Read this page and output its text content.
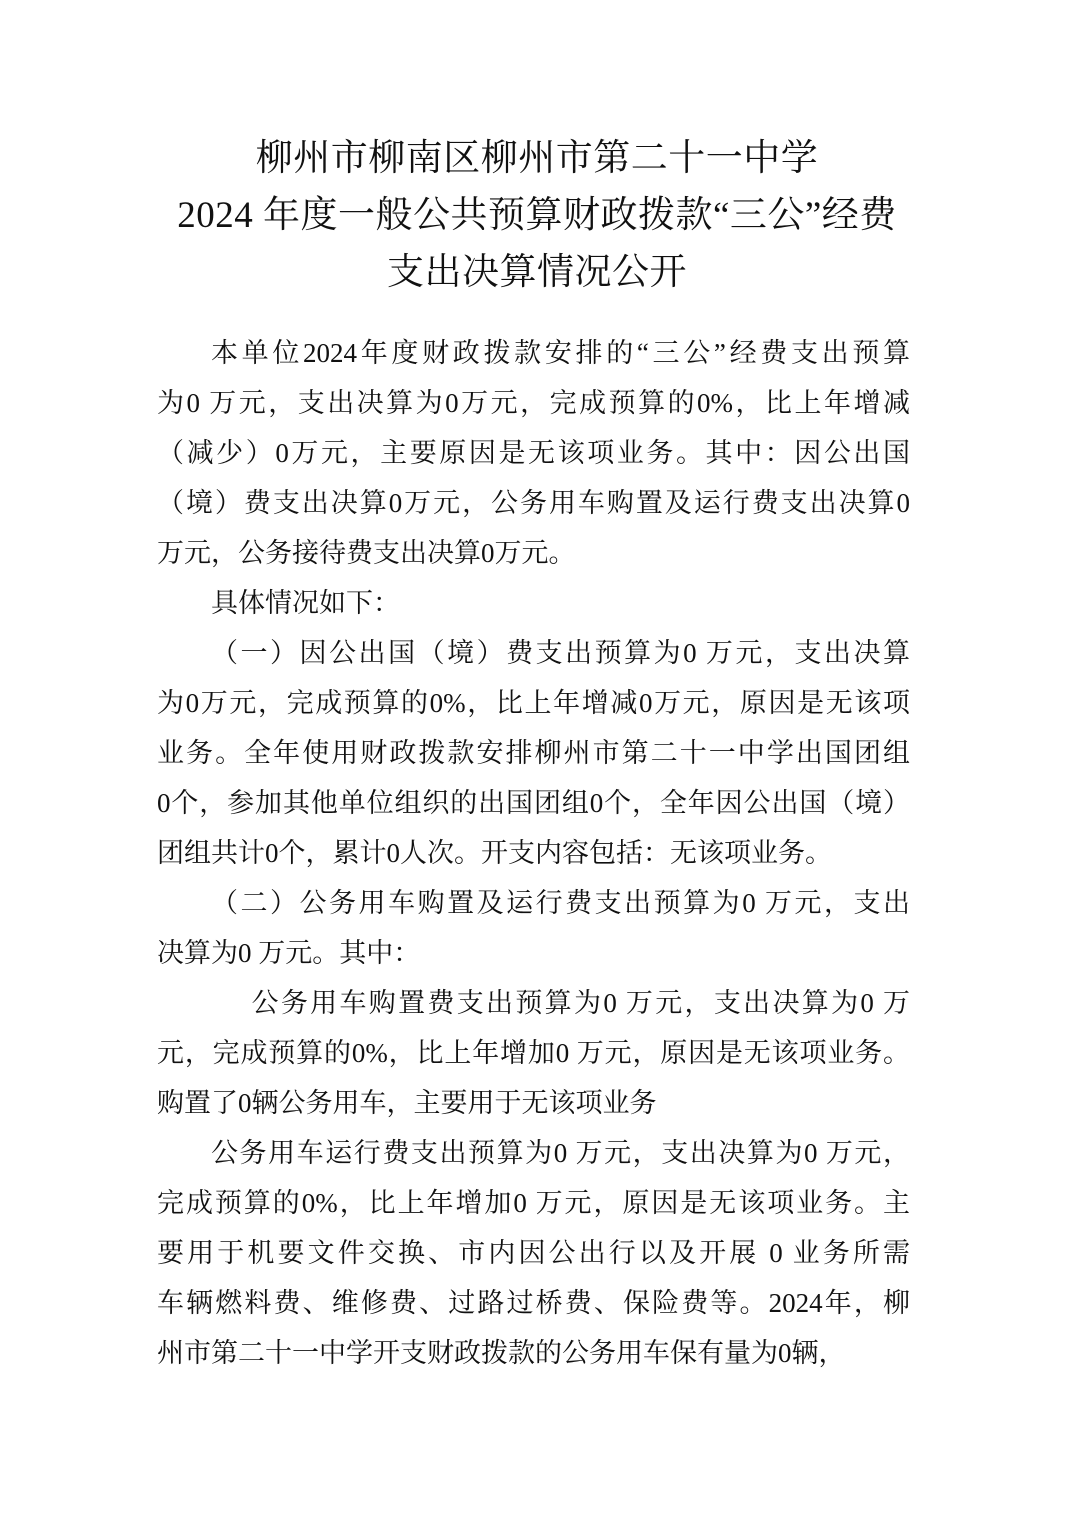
柳州市柳南区柳州市第二十一中学
2024 年度一般公共预算财政拨款“三公”经费
支出决算情况公开
本单位2024年度财政拨款安排的“三公”经费支出预算
为0 万元，支出决算为0万元，完成预算的0%，比上年增减
（减少）0万元，主要原因是无该项业务。其中：因公出国
（境）费支出决算0万元，公务用车购置及运行费支出决算0
万元，公务接待费支出决算0万元。
具体情况如下：
（一）因公出国（境）费支出预算为0 万元，支出决算
为0万元，完成预算的0%，比上年增减0万元，原因是无该项
业务。全年使用财政拨款安排柳州市第二十一中学出国团组
0个，参加其他单位组织的出国团组0个，全年因公出国（境）
团组共计0个，累计0人次。开支内容包括：无该项业务。
（二）公务用车购置及运行费支出预算为0 万元，支出
决算为0 万元。其中：
公务用车购置费支出预算为0 万元，支出决算为0 万
元，完成预算的0%，比上年增加0 万元，原因是无该项业务。
购置了0辆公务用车，主要用于无该项业务
公务用车运行费支出预算为0 万元，支出决算为0 万元，
完成预算的0%，比上年增加0 万元，原因是无该项业务。主
要用于机要文件交换、市内因公出行以及开展 0 业务所需
车辆燃料费、维修费、过路过桥费、保险费等。2024年，柳
州市第二十一中学开支财政拨款的公务用车保有量为0辆，
